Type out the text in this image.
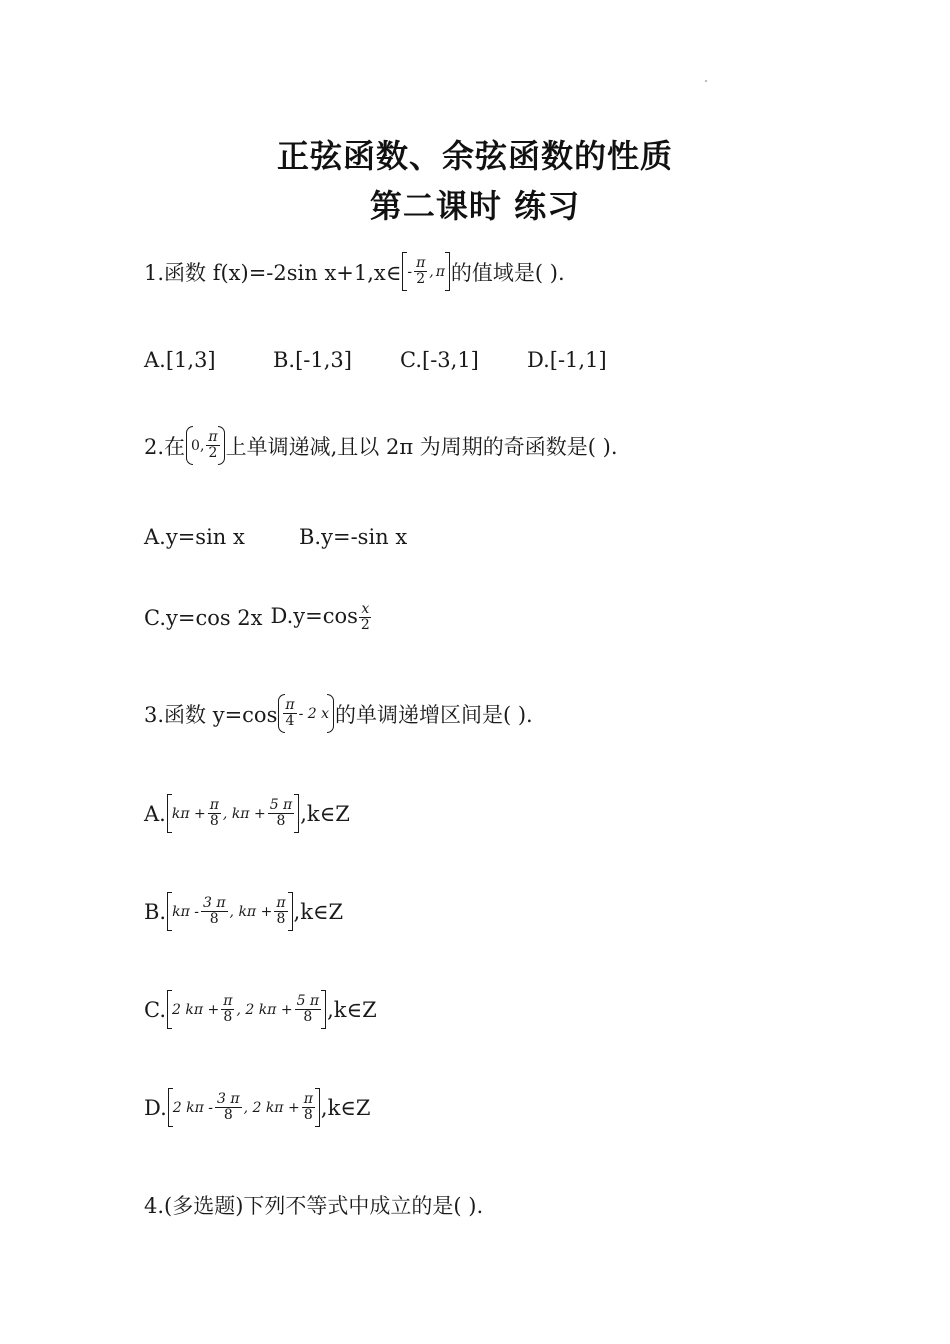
正弦函数、余弦函数的性质
第二课时 练习
1.函数 f(x)=-2sin x+1,x∈ - $\frac{\pi}{2}$ , π 的值域是( ).
A.[1,3]	B.[-1,3]	C.[-3,1]	D.[-1,1]
2.在 0, $\frac{\pi}{2}$ 上单调递减,且以 2π 为周期的奇函数是( ).
A.y=sin x	B.y=-sin x
C.y=cos 2x $D.y=\cos \frac{x}{2}$
3.函数 $y=\cos \frac{\pi}{4} - 2$ x 的单调递增区间是( ).
A. $k\pi + \frac{\pi}{8}$ , $k\pi + \frac{5 \pi}{8}$ ,k∈Z
B. kπ - $\frac{3 \pi}{8}$ , $k\pi + \frac{\pi}{8}$ ,k∈Z
C. 2 $k\pi + \frac{\pi}{8}$ , 2 $k\pi + \frac{5 \pi}{8}$ ,k∈Z
D. 2 kπ - $\frac{3 \pi}{8}$ , 2 $k\pi + \frac{\pi}{8}$ ,k∈Z
4.(多选题)下列不等式中成立的是( ).
